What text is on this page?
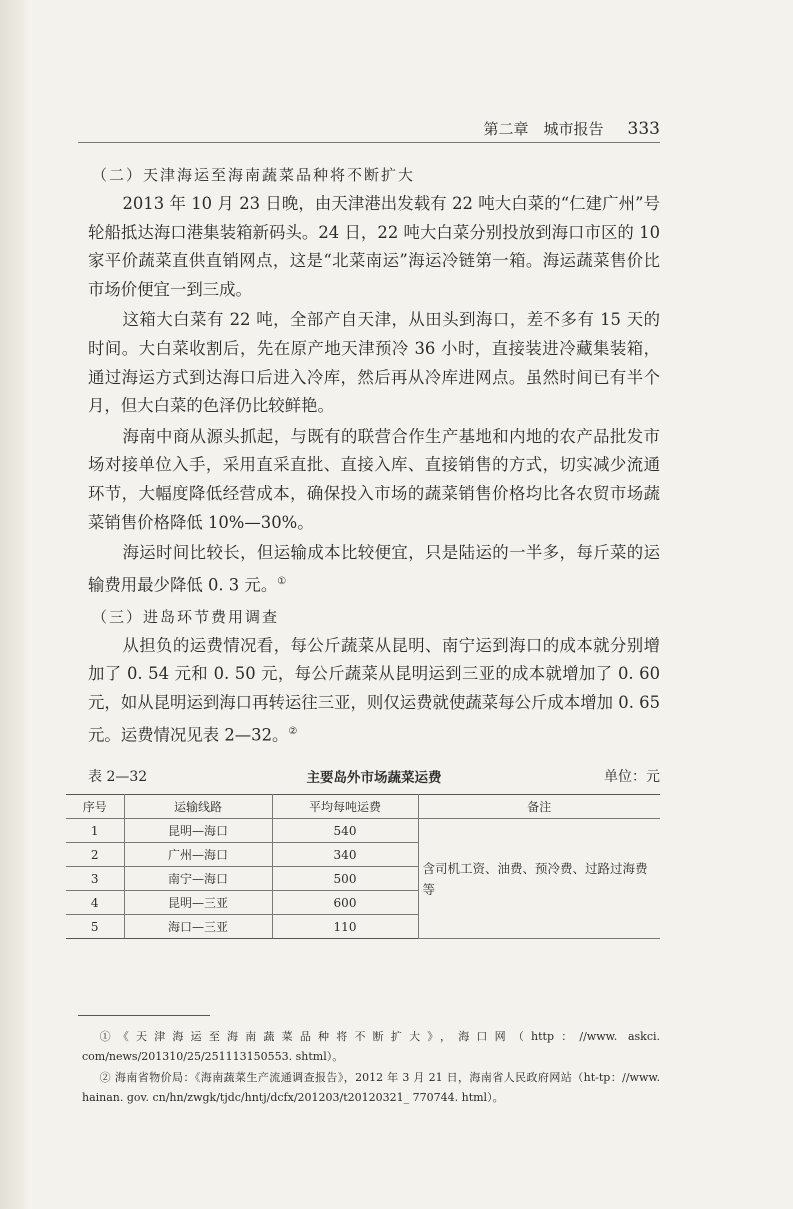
第二章　城市报告 333
（二）天津海运至海南蔬菜品种将不断扩大

2013 年 10 月 23 日晚，由天津港出发载有 22 吨大白菜的“仁建广州”号轮船抵达海口港集装箱新码头。24 日，22 吨大白菜分别投放到海口市区的 10 家平价蔬菜直供直销网点，这是“北菜南运”海运冷链第一箱。海运蔬菜售价比市场价便宜一到三成。

这箱大白菜有 22 吨，全部产自天津，从田头到海口，差不多有 15 天的时间。大白菜收割后，先在原产地天津预冷 36 小时，直接装进冷藏集装箱，通过海运方式到达海口后进入冷库，然后再从冷库进网点。虽然时间已有半个月，但大白菜的色泽仍比较鲜艳。

海南中商从源头抓起，与既有的联营合作生产基地和内地的农产品批发市场对接单位入手，采用直采直批、直接入库、直接销售的方式，切实减少流通环节，大幅度降低经营成本，确保投入市场的蔬菜销售价格均比各农贸市场蔬菜销售价格降低 10%—30%。

海运时间比较长，但运输成本比较便宜，只是陆运的一半多，每斤菜的运输费用最少降低 0. 3 元。①

（三）进岛环节费用调查

从担负的运费情况看，每公斤蔬菜从昆明、南宁运到海口的成本就分别增加了 0. 54 元和 0. 50 元，每公斤蔬菜从昆明运到三亚的成本就增加了 0. 60 元，如从昆明运到海口再转运往三亚，则仅运费就使蔬菜每公斤成本增加 0. 65 元。运费情况见表 2—32。②

表 2—32	主要岛外市场蔬菜运费	单位：元
序号	运输线路	平均每吨运费	备注
1	昆明—海口	540	含司机工资、油费、预冷费、过路过海费等
2	广州—海口	340	
3	南宁—海口	500	
4	昆明—三亚	600	
5	海口—三亚	110	

①《天津海运至海南蔬菜品种将不断扩大》，海口网（http：//www. askci. com/news/201310/25/251113150553. shtml）。

② 海南省物价局：《海南蔬菜生产流通调查报告》，2012 年 3 月 21 日，海南省人民政府网站（ht-tp：//www. hainan. gov. cn/hn/zwgk/tjdc/hntj/dcfx/201203/t20120321_ 770744. html）。
